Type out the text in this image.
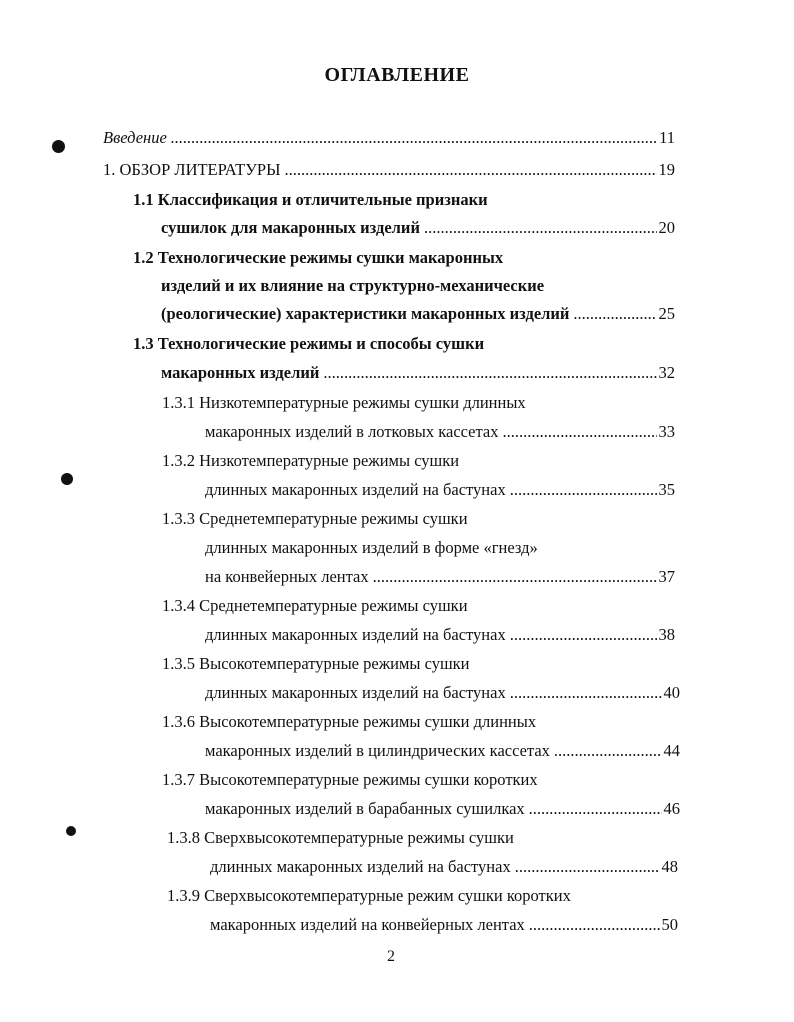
ОГЛАВЛЕНИЕ
Введение .....	11
1. ОБЗОР ЛИТЕРАТУРЫ .....	19
1.1 Классификация и отличительные признаки
сушилок для макаронных изделий .....	20
1.2 Технологические режимы сушки макаронных
изделий и их влияние на структурно-механические
(реологические) характеристики макаронных изделий .....	25
1.3 Технологические режимы и способы сушки
макаронных изделий .....	32
1.3.1 Низкотемпературные режимы сушки длинных
макаронных изделий в лотковых кассетах .....	33
1.3.2 Низкотемпературные режимы сушки
длинных макаронных изделий на бастунах .....	35
1.3.3 Среднетемпературные режимы сушки
длинных макаронных изделий в форме «гнезд»
на конвейерных лентах .....	37
1.3.4 Среднетемпературные режимы сушки
длинных макаронных изделий на бастунах .....	38
1.3.5 Высокотемпературные режимы сушки
длинных макаронных изделий на бастунах .....	40
1.3.6 Высокотемпературные режимы сушки длинных
макаронных изделий в цилиндрических кассетах .....	44
1.3.7 Высокотемпературные режимы сушки коротких
макаронных изделий в барабанных сушилках .....	46
1.3.8 Сверхвысокотемпературные режимы сушки
длинных макаронных изделий на бастунах .....	48
1.3.9 Сверхвысокотемпературные режим сушки коротких
макаронных изделий на конвейерных лентах .....	50
2
